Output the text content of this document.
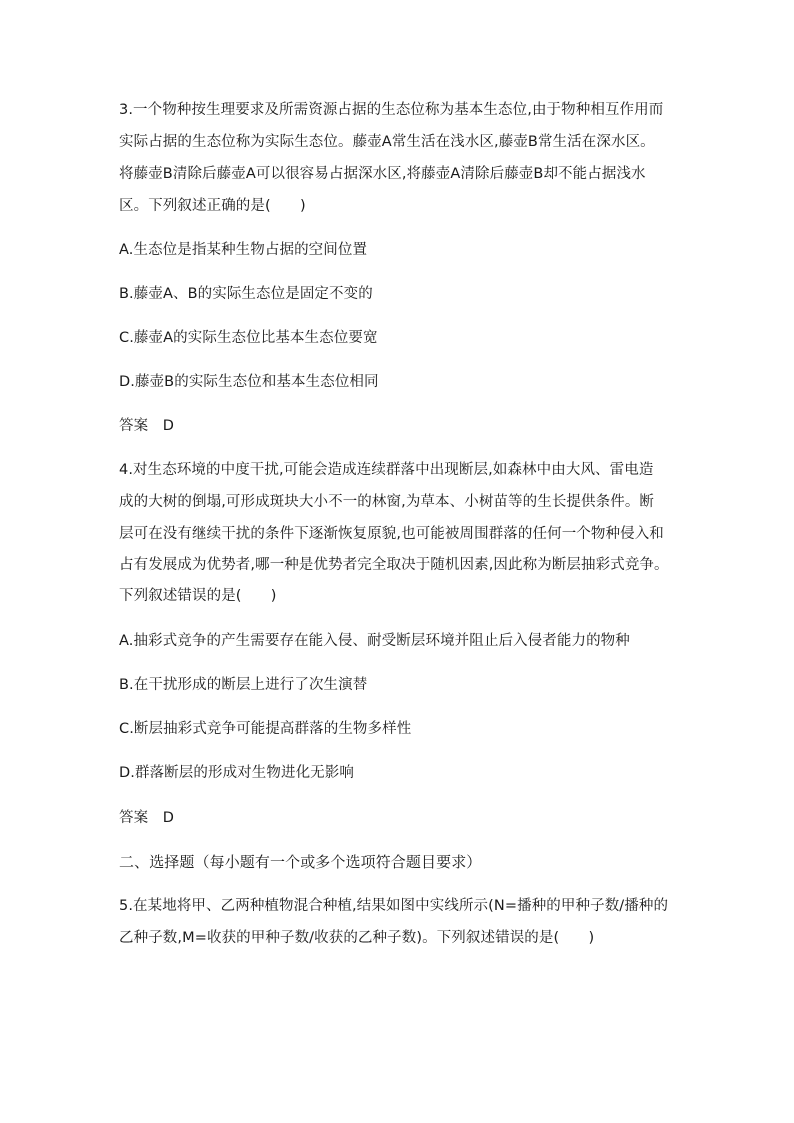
3.一个物种按生理要求及所需资源占据的生态位称为基本生态位,由于物种相互作用而
实际占据的生态位称为实际生态位。藤壶A常生活在浅水区,藤壶B常生活在深水区。
将藤壶B清除后藤壶A可以很容易占据深水区,将藤壶A清除后藤壶B却不能占据浅水
区。下列叙述正确的是(　　)
A.生态位是指某种生物占据的空间位置
B.藤壶A、B的实际生态位是固定不变的
C.藤壶A的实际生态位比基本生态位要宽
D.藤壶B的实际生态位和基本生态位相同
答案　D
4.对生态环境的中度干扰,可能会造成连续群落中出现断层,如森林中由大风、雷电造
成的大树的倒塌,可形成斑块大小不一的林窗,为草本、小树苗等的生长提供条件。断
层可在没有继续干扰的条件下逐渐恢复原貌,也可能被周围群落的任何一个物种侵入和
占有发展成为优势者,哪一种是优势者完全取决于随机因素,因此称为断层抽彩式竞争。
下列叙述错误的是(　　)
A.抽彩式竞争的产生需要存在能入侵、耐受断层环境并阻止后入侵者能力的物种
B.在干扰形成的断层上进行了次生演替
C.断层抽彩式竞争可能提高群落的生物多样性
D.群落断层的形成对生物进化无影响
答案　D
二、选择题（每小题有一个或多个选项符合题目要求）
5.在某地将甲、乙两种植物混合种植,结果如图中实线所示(N=播种的甲种子数/播种的
乙种子数,M=收获的甲种子数/收获的乙种子数)。下列叙述错误的是(　　)
